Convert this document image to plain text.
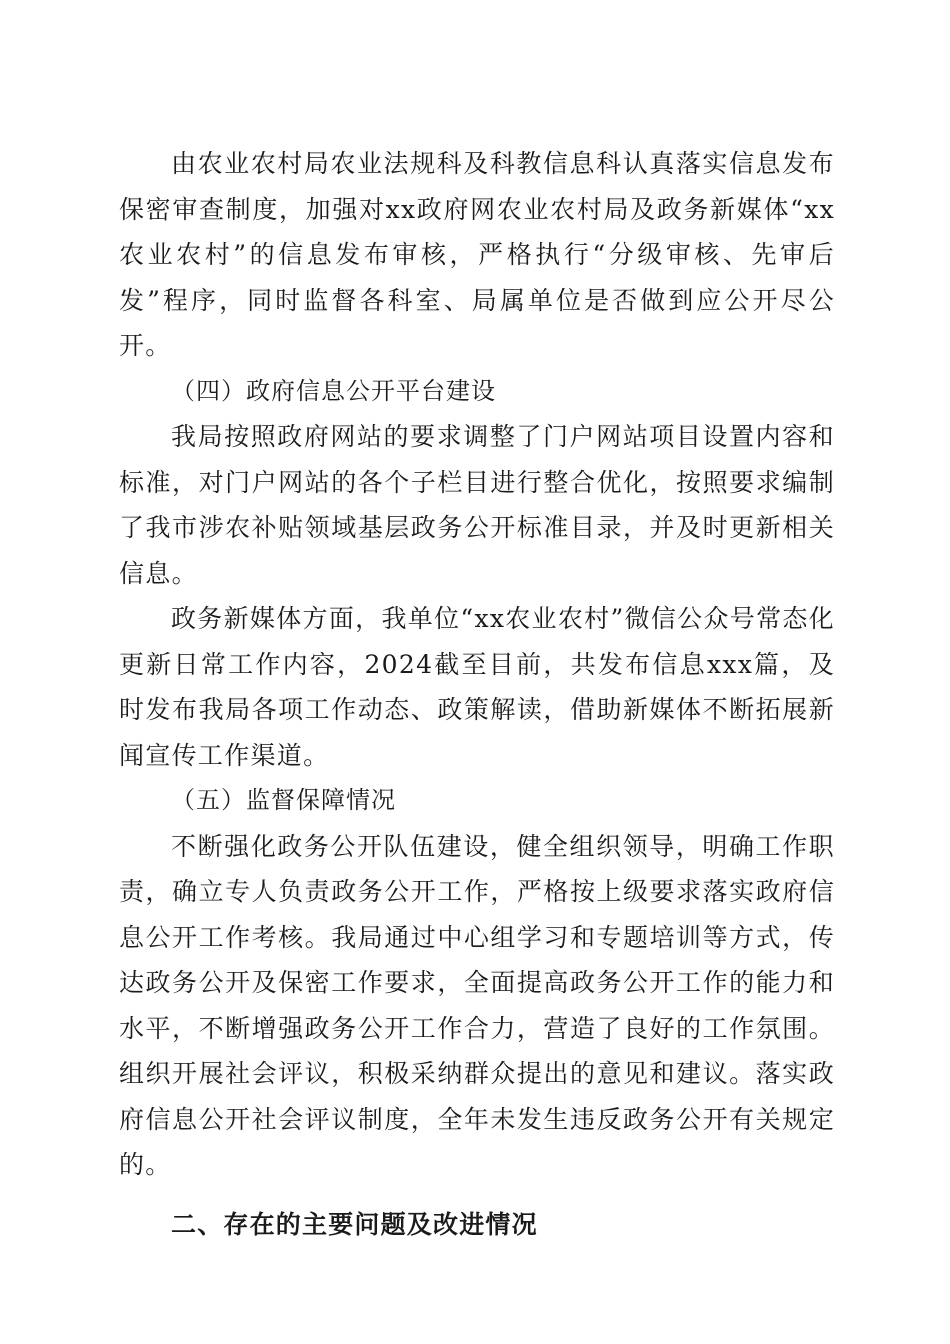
由农业农村局农业法规科及科教信息科认真落实信息发布保密审查制度，加强对xx政府网农业农村局及政务新媒体“xx农业农村”的信息发布审核，严格执行“分级审核、先审后发”程序，同时监督各科室、局属单位是否做到应公开尽公开。

（四）政府信息公开平台建设

我局按照政府网站的要求调整了门户网站项目设置内容和标准，对门户网站的各个子栏目进行整合优化，按照要求编制了我市涉农补贴领域基层政务公开标准目录，并及时更新相关信息。

政务新媒体方面，我单位“xx农业农村”微信公众号常态化更新日常工作内容，2024截至目前，共发布信息xxx篇，及时发布我局各项工作动态、政策解读，借助新媒体不断拓展新闻宣传工作渠道。

（五）监督保障情况

不断强化政务公开队伍建设，健全组织领导，明确工作职责，确立专人负责政务公开工作，严格按上级要求落实政府信息公开工作考核。我局通过中心组学习和专题培训等方式，传达政务公开及保密工作要求，全面提高政务公开工作的能力和水平，不断增强政务公开工作合力，营造了良好的工作氛围。组织开展社会评议，积极采纳群众提出的意见和建议。落实政府信息公开社会评议制度，全年未发生违反政务公开有关规定的。

二、存在的主要问题及改进情况
